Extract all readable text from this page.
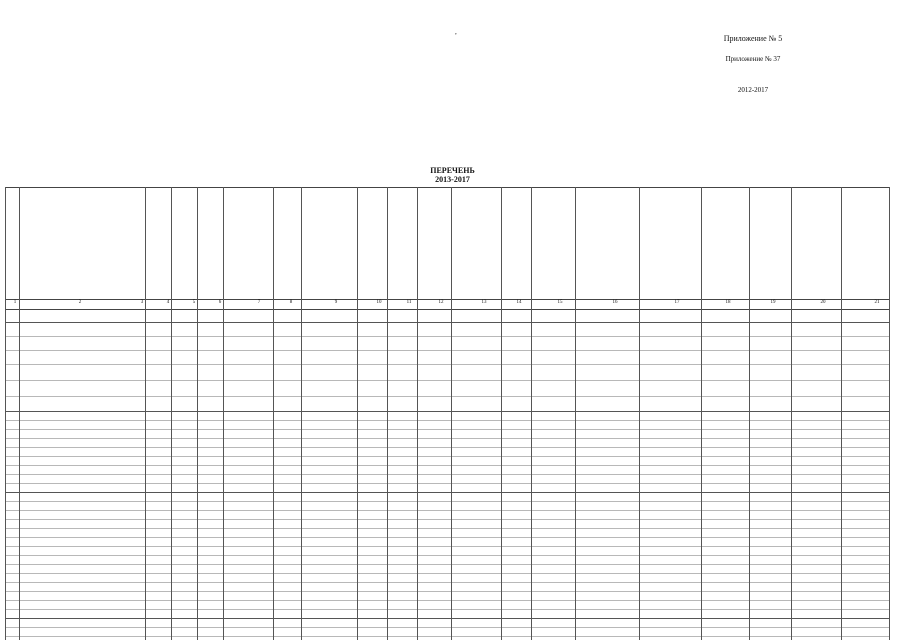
,
Приложение № 5
Приложение № 37
2012-2017
ПЕРЕЧЕНЬ
2013-2017
1	2	3	4	5	6	7	8	9	10	11	12	13	14	15	16	17	18	19	20	21
